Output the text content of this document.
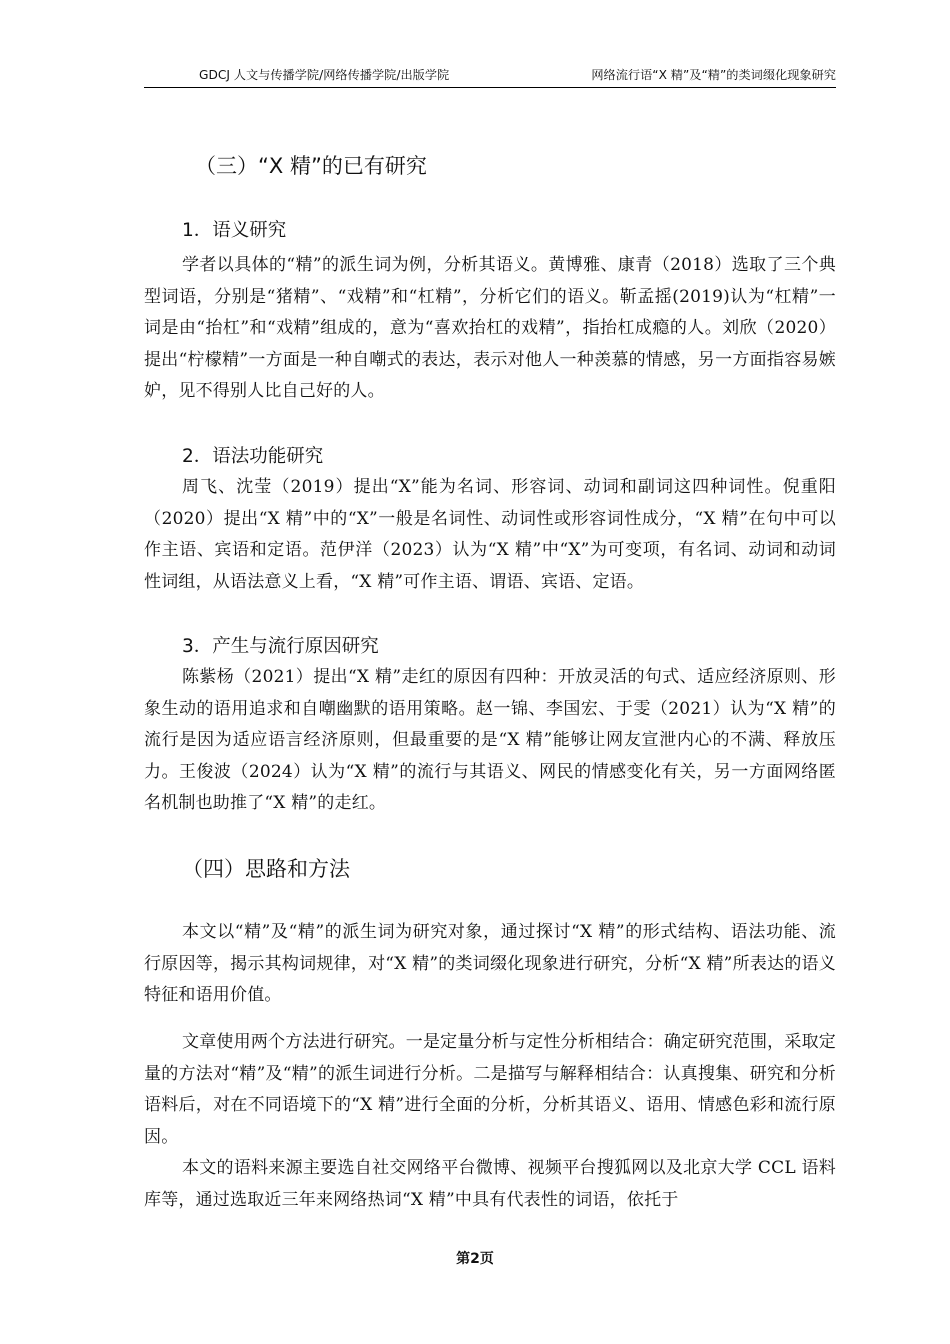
GDCJ 人文与传播学院/网络传播学院/出版学院	网络流行语“X 精”及“精”的类词缀化现象研究
（三）“X 精”的已有研究
1．语义研究

学者以具体的“精”的派生词为例，分析其语义。黄博雅、康青（2018）选取了三个典型词语，分别是“猪精”、“戏精”和“杠精”，分析它们的语义。靳孟摇(2019)认为“杠精”一词是由“抬杠”和“戏精”组成的，意为“喜欢抬杠的戏精”，指抬杠成瘾的人。刘欣（2020）提出“柠檬精”一方面是一种自嘲式的表达，表示对他人一种羡慕的情感，另一方面指容易嫉妒，见不得别人比自己好的人。

2．语法功能研究

周飞、沈莹（2019）提出“X”能为名词、形容词、动词和副词这四种词性。倪重阳（2020）提出“X 精”中的“X”一般是名词性、动词性或形容词性成分，“X 精”在句中可以作主语、宾语和定语。范伊洋（2023）认为“X 精”中“X”为可变项，有名词、动词和动词性词组，从语法意义上看，“X 精”可作主语、谓语、宾语、定语。

3．产生与流行原因研究

陈紫杨（2021）提出“X 精”走红的原因有四种：开放灵活的句式、适应经济原则、形象生动的语用追求和自嘲幽默的语用策略。赵一锦、李国宏、于雯（2021）认为“X 精”的流行是因为适应语言经济原则，但最重要的是“X 精”能够让网友宣泄内心的不满、释放压力。王俊波（2024）认为“X 精”的流行与其语义、网民的情感变化有关，另一方面网络匿名机制也助推了“X 精”的走红。

（四）思路和方法

本文以“精”及“精”的派生词为研究对象，通过探讨“X 精”的形式结构、语法功能、流行原因等，揭示其构词规律，对“X 精”的类词缀化现象进行研究，分析“X 精”所表达的语义特征和语用价值。

文章使用两个方法进行研究。一是定量分析与定性分析相结合：确定研究范围，采取定量的方法对“精”及“精”的派生词进行分析。二是描写与解释相结合：认真搜集、研究和分析语料后，对在不同语境下的“X 精”进行全面的分析，分析其语义、语用、情感色彩和流行原因。

本文的语料来源主要选自社交网络平台微博、视频平台搜狐网以及北京大学 CCL 语料库等，通过选取近三年来网络热词“X 精”中具有代表性的词语，依托于

第2页
